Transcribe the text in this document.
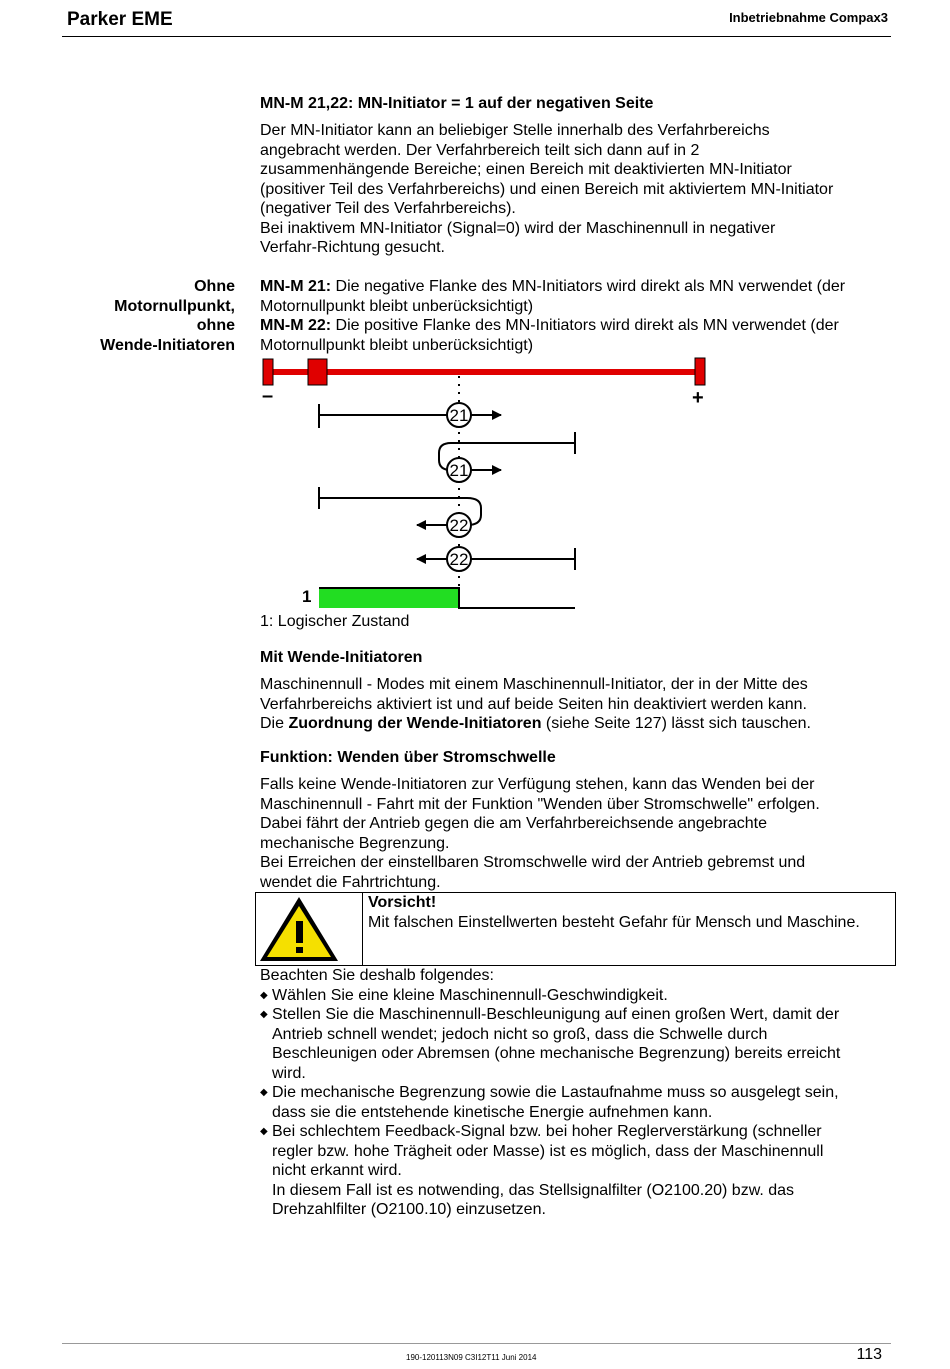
Parker EME	Inbetriebnahme Compax3
MN-M 21,22: MN-Initiator = 1 auf der negativen Seite
Der MN-Initiator kann an beliebiger Stelle innerhalb des Verfahrbereichs
angebracht werden. Der Verfahrbereich teilt sich dann auf in 2
zusammenhängende Bereiche; einen Bereich mit deaktivierten MN-Initiator
(positiver Teil des Verfahrbereichs) und einen Bereich mit aktiviertem MN-Initiator
(negativer Teil des Verfahrbereichs).
Bei inaktivem MN-Initiator (Signal=0) wird der Maschinennull in negativer
Verfahr-Richtung gesucht.
Ohne
Motornullpunkt,
ohne
Wende-Initiatoren
MN-M 21: Die negative Flanke des MN-Initiators wird direkt als MN verwendet (der
Motornullpunkt bleibt unberücksichtigt)
MN-M 22: Die positive Flanke des MN-Initiators wird direkt als MN verwendet (der
Motornullpunkt bleibt unberücksichtigt)
–	+
21
21
22
22
1
1: Logischer Zustand
Mit Wende-Initiatoren
Maschinennull - Modes mit einem Maschinennull-Initiator, der in der Mitte des
Verfahrbereichs aktiviert ist und auf beide Seiten hin deaktiviert werden kann.
Die Zuordnung der Wende-Initiatoren (siehe Seite 127) lässt sich tauschen.
Funktion: Wenden über Stromschwelle
Falls keine Wende-Initiatoren zur Verfügung stehen, kann das Wenden bei der
Maschinennull - Fahrt mit der Funktion "Wenden über Stromschwelle" erfolgen.
Dabei fährt der Antrieb gegen die am Verfahrbereichsende angebrachte
mechanische Begrenzung.
Bei Erreichen der einstellbaren Stromschwelle wird der Antrieb gebremst und
wendet die Fahrtrichtung.
Vorsicht!
Mit falschen Einstellwerten besteht Gefahr für Mensch und Maschine.
Beachten Sie deshalb folgendes:
◆ Wählen Sie eine kleine Maschinennull-Geschwindigkeit.
◆ Stellen Sie die Maschinennull-Beschleunigung auf einen großen Wert, damit der
Antrieb schnell wendet; jedoch nicht so groß, dass die Schwelle durch
Beschleunigen oder Abremsen (ohne mechanische Begrenzung) bereits erreicht
wird.
◆ Die mechanische Begrenzung sowie die Lastaufnahme muss so ausgelegt sein,
dass sie die entstehende kinetische Energie aufnehmen kann.
◆ Bei schlechtem Feedback-Signal bzw. bei hoher Reglerverstärkung (schneller
regler bzw. hohe Trägheit oder Masse) ist es möglich, dass der Maschinennull
nicht erkannt wird.
In diesem Fall ist es notwending, das Stellsignalfilter (O2100.20) bzw. das
Drehzahlfilter (O2100.10) einzusetzen.
190-120113N09 C3I12T11 Juni 2014	113
